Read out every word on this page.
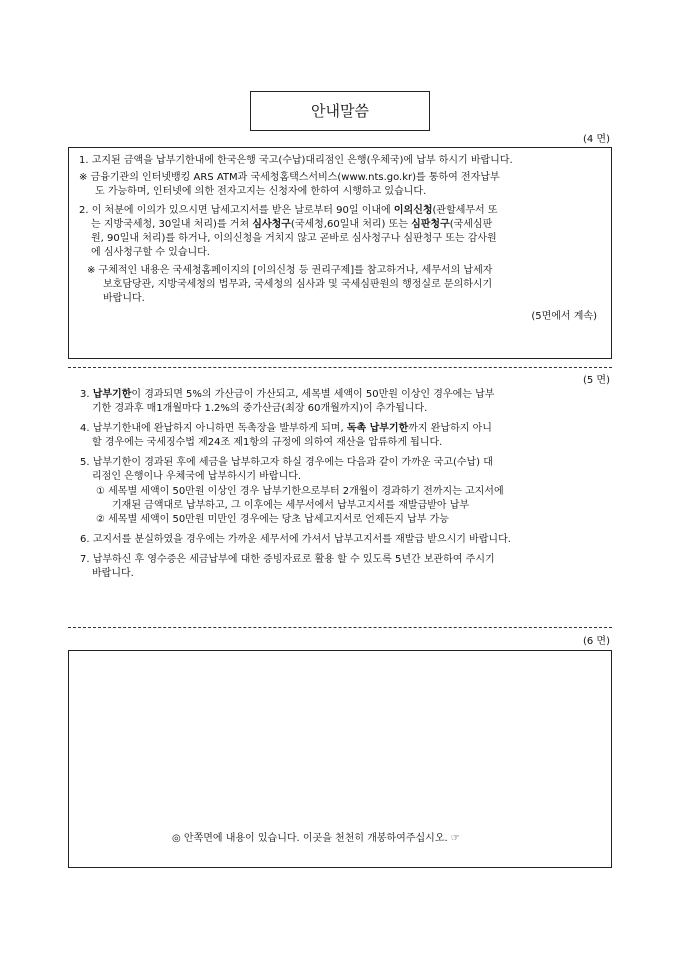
안내말씀
(4 면)
1. 고지된 금액을 납부기한내에 한국은행 국고(수납)대리점인 은행(우체국)에 납부 하시기 바랍니다.
※ 금융기관의 인터넷뱅킹 ARS ATM과 국세청홈택스서비스(www.nts.go.kr)를 통하여 전자납부
도 가능하며, 인터넷에 의한 전자고지는 신청자에 한하여 시행하고 있습니다.
2. 이 처분에 이의가 있으시면 납세고지서를 받은 날로부터 90일 이내에 이의신청(관할세무서 또
는 지방국세청, 30일내 처리)를 거쳐 심사청구(국세청,60일내 처리) 또는 심판청구(국세심판
원, 90일내 처리)를 하거나, 이의신청을 거치지 않고 곧바로 심사청구나 심판청구 또는 감사원
에 심사청구할 수 있습니다.
※ 구체적인 내용은 국세청홈페이지의 [이의신청 등 권리구제]를 참고하거나, 세무서의 납세자
보호담당관, 지방국세청의 법무과, 국세청의 심사과 및 국세심판원의 행정실로 문의하시기
바랍니다.
(5면에서 계속)
(5 면)
3. 납부기한이 경과되면 5%의 가산금이 가산되고, 세목별 세액이 50만원 이상인 경우에는 납부
기한 경과후 매1개월마다 1.2%의 중가산금(최장 60개월까지)이 추가됩니다.
4. 납부기한내에 완납하지 아니하면 독촉장을 발부하게 되며, 독촉 납부기한까지 완납하지 아니
할 경우에는 국세징수법 제24조 제1항의 규정에 의하여 재산을 압류하게 됩니다.
5. 납부기한이 경과된 후에 세금을 납부하고자 하실 경우에는 다음과 같이 가까운 국고(수납) 대
리점인 은행이나 우체국에 납부하시기 바랍니다.
① 세목별 세액이 50만원 이상인 경우 납부기한으로부터 2개월이 경과하기 전까지는 고지서에
기재된 금액대로 납부하고, 그 이후에는 세무서에서 납부고지서를 재발급받아 납부
② 세목별 세액이 50만원 미만인 경우에는 당초 납세고지서로 언제든지 납부 가능
6. 고지서를 분실하였을 경우에는 가까운 세무서에 가셔서 납부고지서를 재발급 받으시기 바랍니다.
7. 납부하신 후 영수증은 세금납부에 대한 증빙자료로 활용 할 수 있도록 5년간 보관하여 주시기
바랍니다.
(6 면)
◎ 안쪽면에 내용이 있습니다. 이곳을 천천히 개봉하여주십시오. ☞
